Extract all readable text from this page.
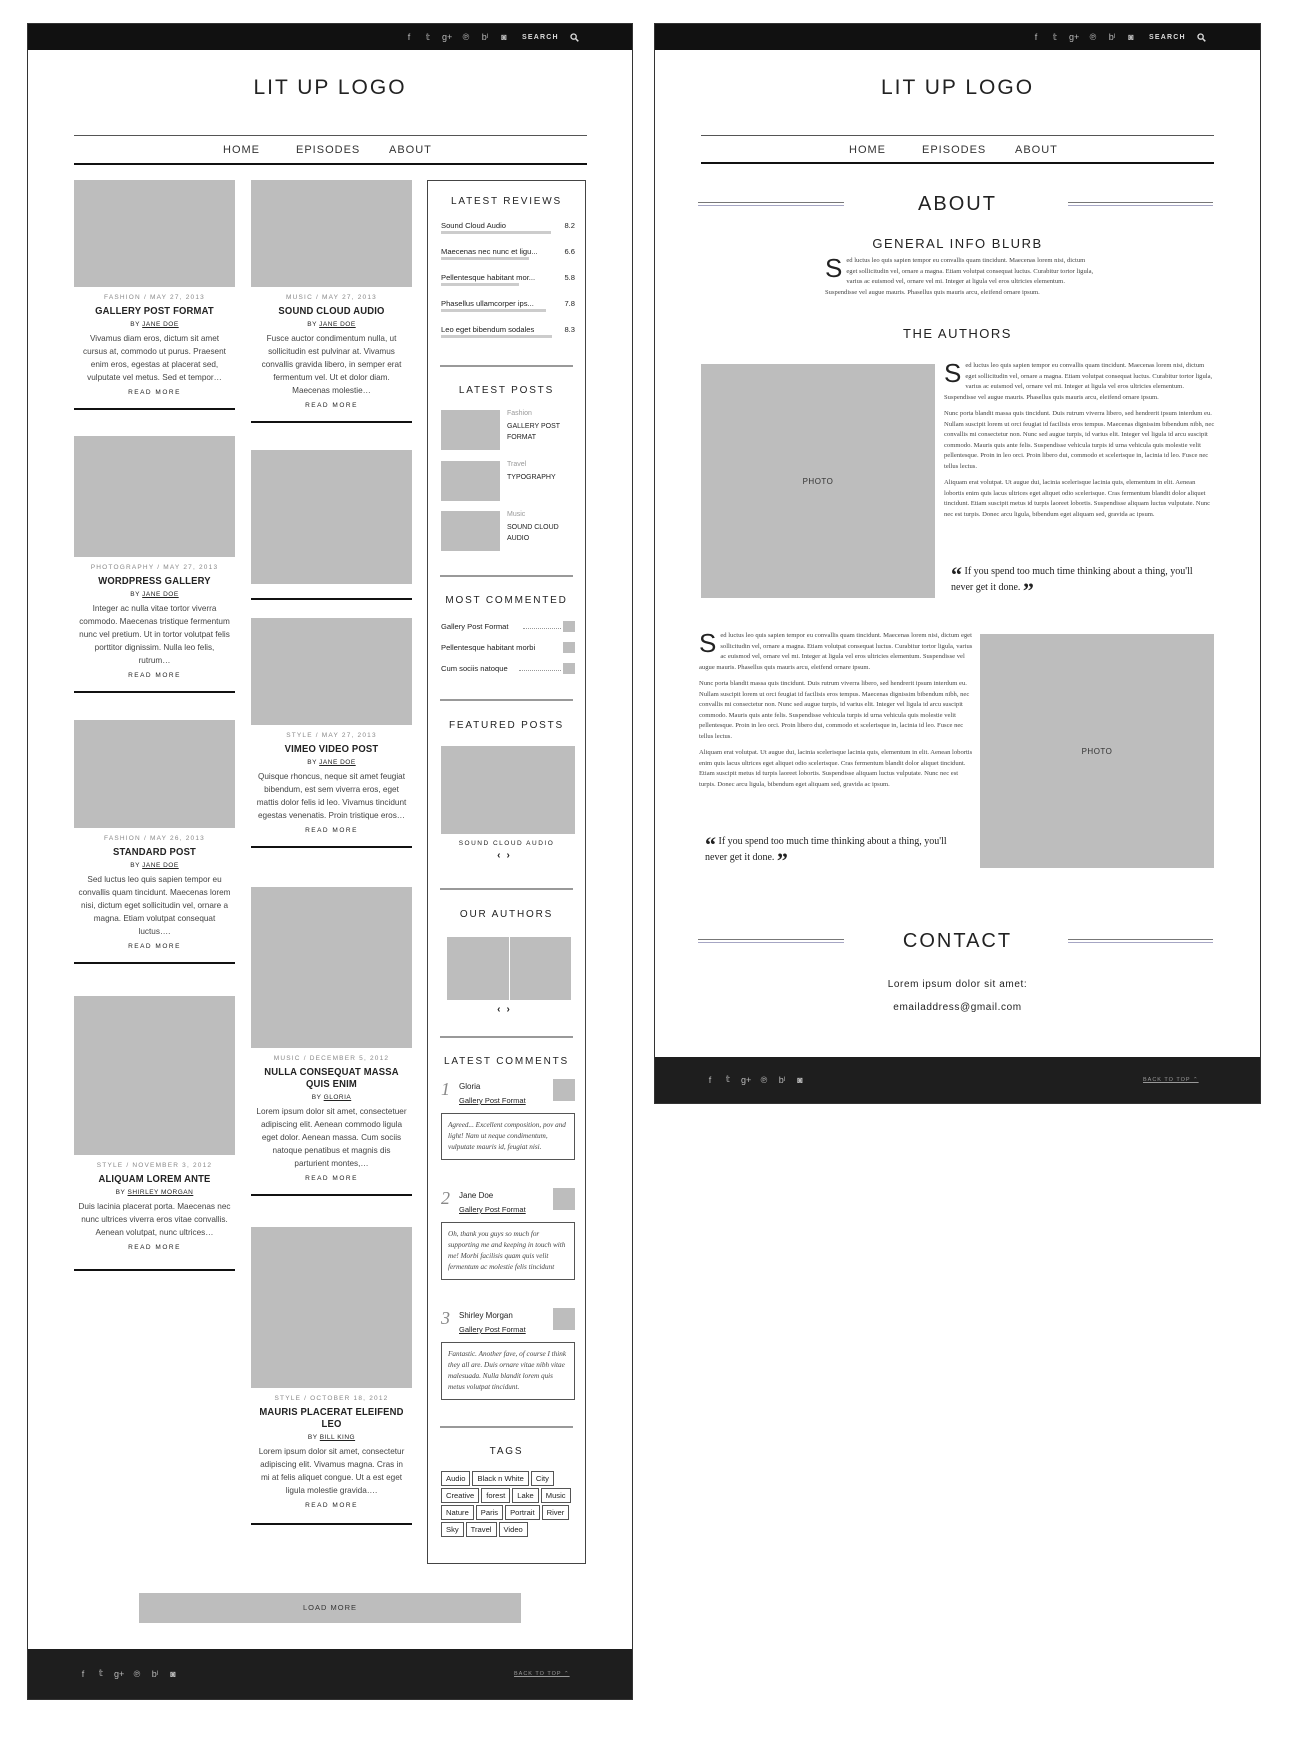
f	𝕥	g+ ℗ bˡ ◙	SEARCH
LIT UP LOGO
HOME	EPISODES	ABOUT
FASHION / MAY 27, 2013
GALLERY POST FORMAT
BY JANE DOE
Vivamus diam eros, dictum sit amet cursus at, commodo ut purus. Praesent enim eros, egestas at placerat sed, vulputate vel metus. Sed et tempor…
READ MORE
PHOTOGRAPHY / MAY 27, 2013
WORDPRESS GALLERY
BY JANE DOE
Integer ac nulla vitae tortor viverra commodo. Maecenas tristique fermentum nunc vel pretium. Ut in tortor volutpat felis porttitor dignissim. Nulla leo felis, rutrum…
READ MORE
FASHION / MAY 26, 2013
STANDARD POST
BY JANE DOE
Sed luctus leo quis sapien tempor eu convallis quam tincidunt. Maecenas lorem nisi, dictum eget sollicitudin vel, ornare a magna. Etiam volutpat consequat luctus….
READ MORE
STYLE / NOVEMBER 3, 2012
ALIQUAM LOREM ANTE
BY SHIRLEY MORGAN
Duis lacinia placerat porta. Maecenas nec nunc ultrices viverra eros vitae convallis. Aenean volutpat, nunc ultrices…
READ MORE
MUSIC / MAY 27, 2013
SOUND CLOUD AUDIO
BY JANE DOE
Fusce auctor condimentum nulla, ut sollicitudin est pulvinar at. Vivamus convallis gravida libero, in semper erat fermentum vel. Ut et dolor diam. Maecenas molestie…
READ MORE
STYLE / MAY 27, 2013
VIMEO VIDEO POST
BY JANE DOE
Quisque rhoncus, neque sit amet feugiat bibendum, est sem viverra eros, eget mattis dolor felis id leo. Vivamus tincidunt egestas venenatis. Proin tristique eros…
READ MORE
MUSIC / DECEMBER 5, 2012
NULLA CONSEQUAT MASSA QUIS ENIM
BY GLORIA
Lorem ipsum dolor sit amet, consectetuer adipiscing elit. Aenean commodo ligula eget dolor. Aenean massa. Cum sociis natoque penatibus et magnis dis parturient montes,…
READ MORE
STYLE / OCTOBER 18, 2012
MAURIS PLACERAT ELEIFEND LEO
BY BILL KING
Lorem ipsum dolor sit amet, consectetur adipiscing elit. Vivamus magna. Cras in mi at felis aliquet congue. Ut a est eget ligula molestie gravida….
READ MORE
LATEST REVIEWS
Sound Cloud Audio	8.2
Maecenas nec nunc et ligu...	6.6
Pellentesque habitant mor...	5.8
Phasellus ullamcorper ips...	7.8
Leo eget bibendum sodales	8.3
LATEST POSTS
Fashion
GALLERY POST FORMAT
Travel
TYPOGRAPHY
Music
SOUND CLOUD AUDIO
MOST COMMENTED
Gallery Post Format
Pellentesque habitant morbi
Cum sociis natoque
FEATURED POSTS
SOUND CLOUD AUDIO
‹›
OUR AUTHORS
‹›
LATEST COMMENTS
1 Gloria
Gallery Post Format
Agreed... Excellent composition, pov and light! Nam ut neque condimentum, vulputate mauris id, feugiat nisi.
2 Jane Doe
Gallery Post Format
Oh, thank you guys so much for supporting me and keeping in touch with me! Morbi facilisis quam quis velit fermentum ac molestie felis tincidunt
3 Shirley Morgan
Gallery Post Format
Fantastic. Another fave, of course I think they all are. Duis ornare vitae nibh vitae malesuada. Nulla blandit lorem quis metus volutpat tincidunt.
TAGS
Audio	Black n White	City
Creative	forest	Lake	Music
Nature	Paris	Portrait	River
Sky	Travel	Video
LOAD MORE
f	𝕥	g+ ℗ bˡ ◙	BACK TO TOP ⌃
f	𝕥	g+ ℗ bˡ ◙	SEARCH
LIT UP LOGO
HOME	EPISODES	ABOUT
ABOUT
GENERAL INFO BLURB
Sed luctus leo quis sapien tempor eu convallis quam tincidunt. Maecenas lorem nisi, dictum eget sollicitudin vel, ornare a magna. Etiam volutpat consequat luctus. Curabitur tortor ligula, varius ac euismod vel, ornare vel mi. Integer at ligula vel eros ultricies elementum. Suspendisse vel augue mauris. Phasellus quis mauris arcu, eleifend ornare ipsum.
THE AUTHORS
PHOTO

Sed luctus leo quis sapien tempor eu convallis quam tincidunt. Maecenas lorem nisi, dictum eget sollicitudin vel, ornare a magna. Etiam volutpat consequat luctus. Curabitur tortor ligula, varius ac euismod vel, ornare vel mi. Integer at ligula vel eros ultricies elementum. Suspendisse vel augue mauris. Phasellus quis mauris arcu, eleifend ornare ipsum.

Nunc porta blandit massa quis tincidunt. Duis rutrum viverra libero, sed hendrerit ipsum interdum eu. Nullam suscipit lorem ut orci feugiat id facilisis eros tempus. Maecenas dignissim bibendum nibh, nec convallis mi consectetur non. Nunc sed augue turpis, id varius elit. Integer vel ligula id arcu suscipit commodo. Mauris quis ante felis. Suspendisse vehicula turpis id urna vehicula quis molestie velit pellentesque. Proin in leo orci. Proin libero dui, commodo et scelerisque in, lacinia id leo. Fusce nec tellus lectus.

Aliquam erat volutpat. Ut augue dui, lacinia scelerisque lacinia quis, elementum in elit. Aenean lobortis enim quis lacus ultrices eget aliquet odio scelerisque. Cras fermentum blandit dolor aliquet tincidunt. Etiam suscipit metus id turpis laoreet lobortis. Suspendisse aliquam luctus vulputate. Nunc nec est turpis. Donec arcu ligula, bibendum eget aliquam sed, gravida ac ipsum.

“ If you spend too much time thinking about a thing, you'll never get it done. ”

Sed luctus leo quis sapien tempor eu convallis quam tincidunt. Maecenas lorem nisi, dictum eget sollicitudin vel, ornare a magna. Etiam volutpat consequat luctus. Curabitur tortor ligula, varius ac euismod vel, ornare vel mi. Integer at ligula vel eros ultricies elementum. Suspendisse vel augue mauris. Phasellus quis mauris arcu, eleifend ornare ipsum.

Nunc porta blandit massa quis tincidunt. Duis rutrum viverra libero, sed hendrerit ipsum interdum eu. Nullam suscipit lorem ut orci feugiat id facilisis eros tempus. Maecenas dignissim bibendum nibh, nec convallis mi consectetur non. Nunc sed augue turpis, id varius elit. Integer vel ligula id arcu suscipit commodo. Mauris quis ante felis. Suspendisse vehicula turpis id urna vehicula quis molestie velit pellentesque. Proin in leo orci. Proin libero dui, commodo et scelerisque in, lacinia id leo. Fusce nec tellus lectus.

Aliquam erat volutpat. Ut augue dui, lacinia scelerisque lacinia quis, elementum in elit. Aenean lobortis enim quis lacus ultrices eget aliquet odio scelerisque. Cras fermentum blandit dolor aliquet tincidunt. Etiam suscipit metus id turpis laoreet lobortis. Suspendisse aliquam luctus vulputate. Nunc nec est turpis. Donec arcu ligula, bibendum eget aliquam sed, gravida ac ipsum.

PHOTO
“ If you spend too much time thinking about a thing, you'll never get it done. ”
CONTACT
Lorem ipsum dolor sit amet:
emailaddress@gmail.com
f	𝕥	g+ ℗ bˡ ◙	BACK TO TOP ⌃
